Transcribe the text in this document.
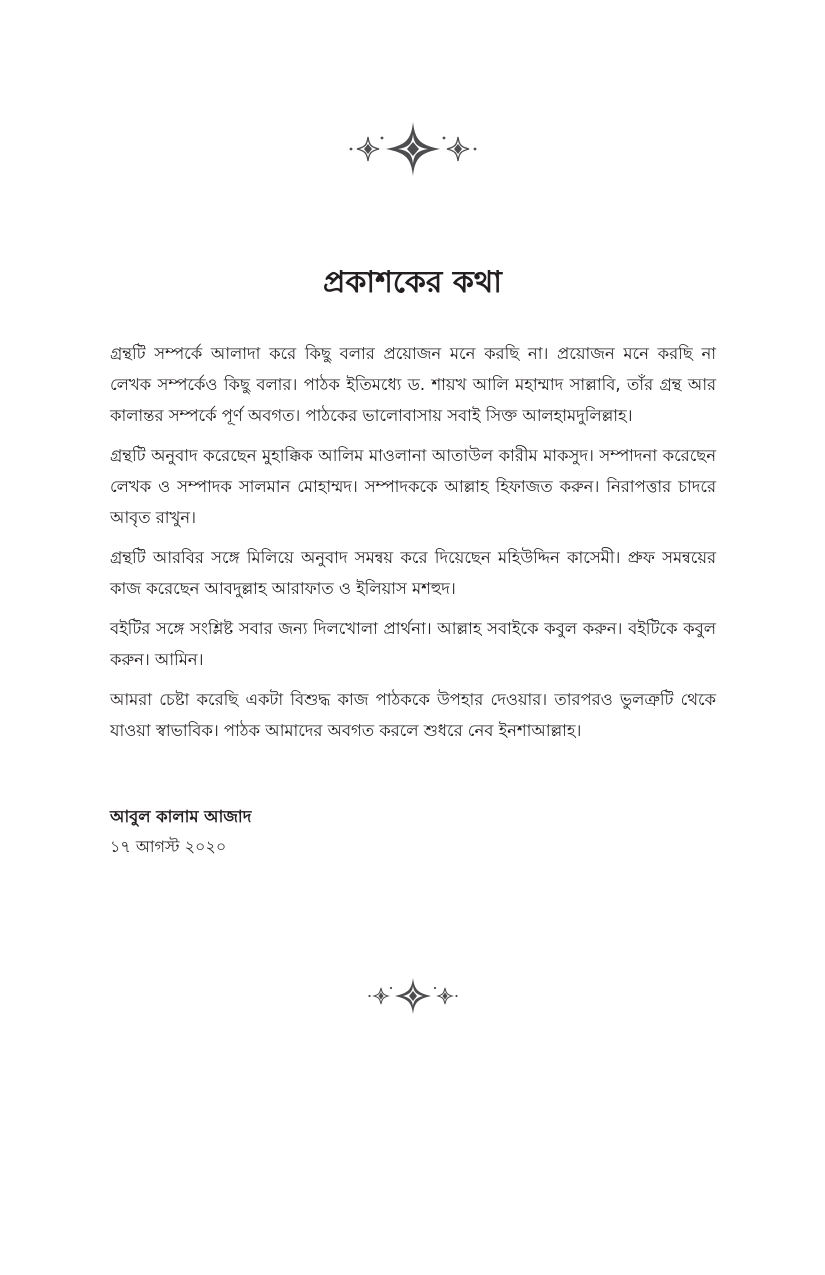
প্রকাশকের কথা

গ্রন্থটি সম্পর্কে আলাদা করে কিছু বলার প্রয়োজন মনে করছি না। প্রয়োজন মনে করছি না লেখক সম্পর্কেও কিছু বলার। পাঠক ইতিমধ্যে ড. শায়খ আলি মহাম্মাদ সাল্লাবি, তাঁর গ্রন্থ আর কালান্তর সম্পর্কে পূর্ণ অবগত। পাঠকের ভালোবাসায় সবাই সিক্ত আলহামদুলিল্লাহ।

গ্রন্থটি অনুবাদ করেছেন মুহাক্কিক আলিম মাওলানা আতাউল কারীম মাকসুদ। সম্পাদনা করেছেন লেখক ও সম্পাদক সালমান মোহাম্মদ। সম্পাদককে আল্লাহ হিফাজত করুন। নিরাপত্তার চাদরে আবৃত রাখুন।

গ্রন্থটি আরবির সঙ্গে মিলিয়ে অনুবাদ সমন্বয় করে দিয়েছেন মহিউদ্দিন কাসেমী। প্রুফ সমন্বয়ের কাজ করেছেন আবদুল্লাহ আরাফাত ও ইলিয়াস মশহুদ।

বইটির সঙ্গে সংশ্লিষ্ট সবার জন্য দিলখোলা প্রার্থনা। আল্লাহ সবাইকে কবুল করুন। বইটিকে কবুল করুন। আমিন।

আমরা চেষ্টা করেছি একটা বিশুদ্ধ কাজ পাঠককে উপহার দেওয়ার। তারপরও ভুলত্রুটি থেকে যাওয়া স্বাভাবিক। পাঠক আমাদের অবগত করলে শুধরে নেব ইনশাআল্লাহ।

আবুল কালাম আজাদ

১৭ আগস্ট ২০২০
